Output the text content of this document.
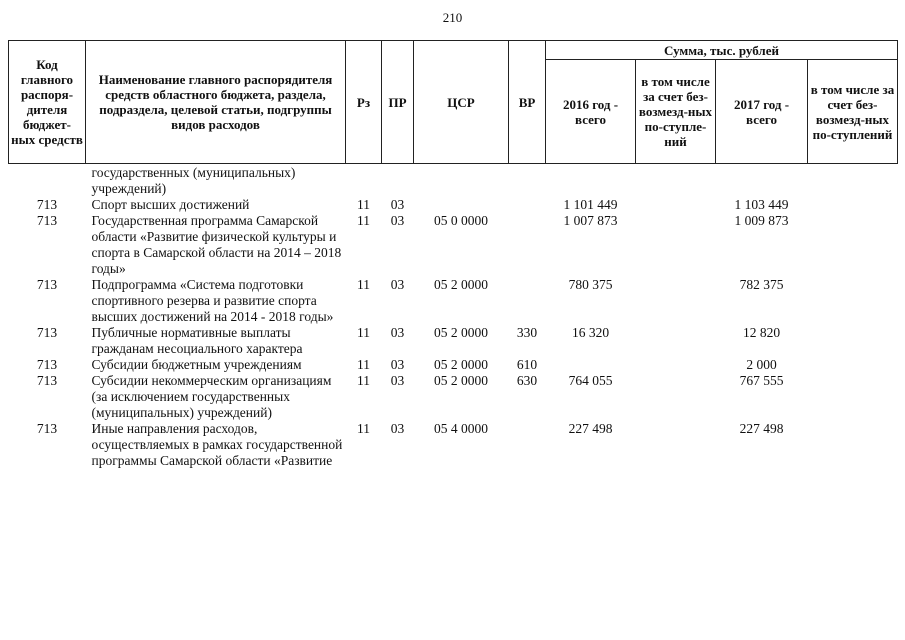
210
Код главного распоря-дителя бюджет-ных средств	Наименование главного распорядителя средств областного бюджета, раздела, подраздела, целевой статьи, подгруппы видов расходов	Рз	ПР	ЦСР	ВР	Сумма, тыс. рублей			
						2016 год - всего	в том числе за счет без-возмезд-ных по-ступле-ний	2017 год - всего	в том числе за счет без-возмезд-ных по-ступлений
	государственных (муниципальных) учреждений)								
713	Спорт высших достижений	11	03			1 101 449		1 103 449	
713	Государственная программа Самарской области «Развитие физической культуры и спорта в Самарской области на 2014 – 2018 годы»	11	03	05 0 0000		1 007 873		1 009 873	
713	Подпрограмма «Система подготовки спортивного резерва и развитие спорта высших достижений на 2014 - 2018 годы»	11	03	05 2 0000		780 375		782 375	
713	Публичные нормативные выплаты гражданам несоциального характера	11	03	05 2 0000	330	16 320		12 820	
713	Субсидии бюджетным учреждениям	11	03	05 2 0000	610			2 000	
713	Субсидии некоммерческим организациям (за исключением государственных (муниципальных) учреждений)	11	03	05 2 0000	630	764 055		767 555	
713	Иные направления расходов, осуществляемых в рамках государственной программы Самарской области «Развитие	11	03	05 4 0000		227 498		227 498	
